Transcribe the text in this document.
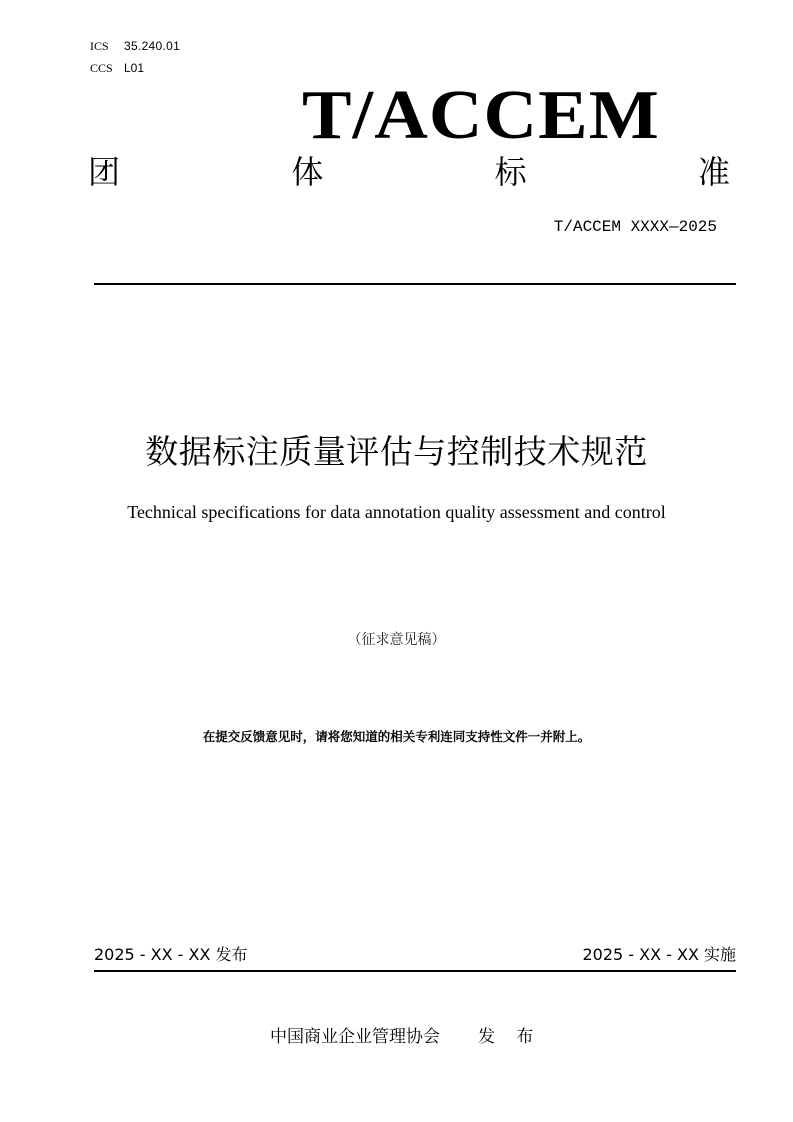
ICS 35.240.01
CCS L01
T/ACCEM
团	体	标	准
T/ACCEM XXXX—2025
数据标注质量评估与控制技术规范
Technical specifications for data annotation quality assessment and control
（征求意见稿）
在提交反馈意见时，请将您知道的相关专利连同支持性文件一并附上。
2025 - XX - XX 发布	2025 - XX - XX 实施
中国商业企业管理协会 发 布
